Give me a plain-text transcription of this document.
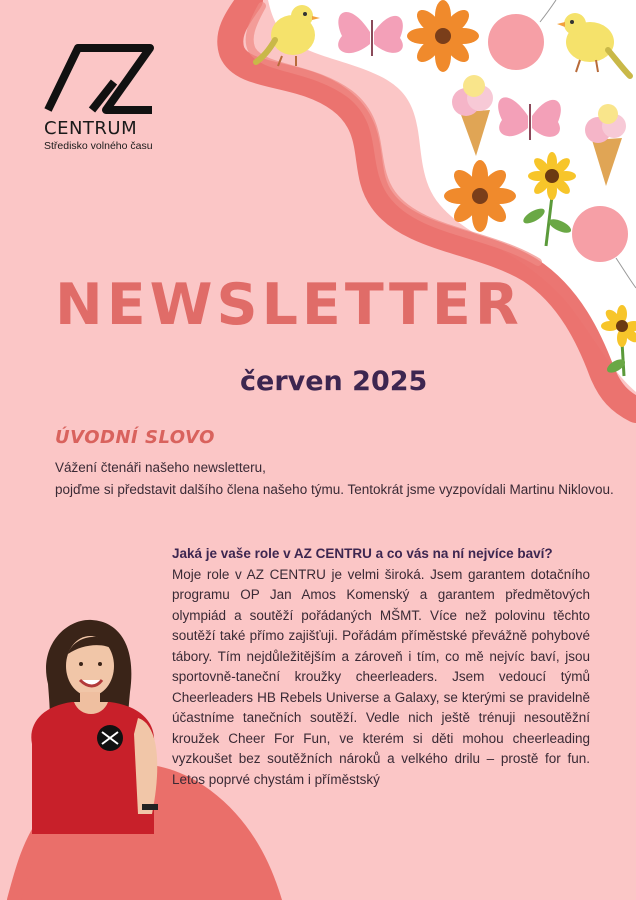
CENTRUM
Středisko volného času
NEWSLETTER
červen 2025
ÚVODNÍ SLOVO

Vážení čtenáři našeho newsletteru,

pojďme si představit dalšího člena našeho týmu. Tentokrát jsme vyzpovídali Martinu Niklovou.

Jaká je vaše role v AZ CENTRU a co vás na ní nejvíce baví?
Moje role v AZ CENTRU je velmi široká. Jsem garantem dotačního programu OP Jan Amos Komenský a garantem předmětových olympiád a soutěží pořádaných MŠMT. Více než polovinu těchto soutěží také přímo zajišťuji. Pořádám příměstské převážně pohybové tábory. Tím nejdůležitějším a zároveň i tím, co mě nejvíc baví, jsou sportovně-taneční kroužky cheerleaders. Jsem vedoucí týmů Cheerleaders HB Rebels Universe a Galaxy, se kterými se pravidelně účastníme tanečních soutěží. Vedle nich ještě trénuji nesoutěžní kroužek Cheer For Fun, ve kterém si děti mohou cheerleading vyzkoušet bez soutěžních nároků a velkého drilu – prostě for fun. Letos poprvé chystám i příměstský
